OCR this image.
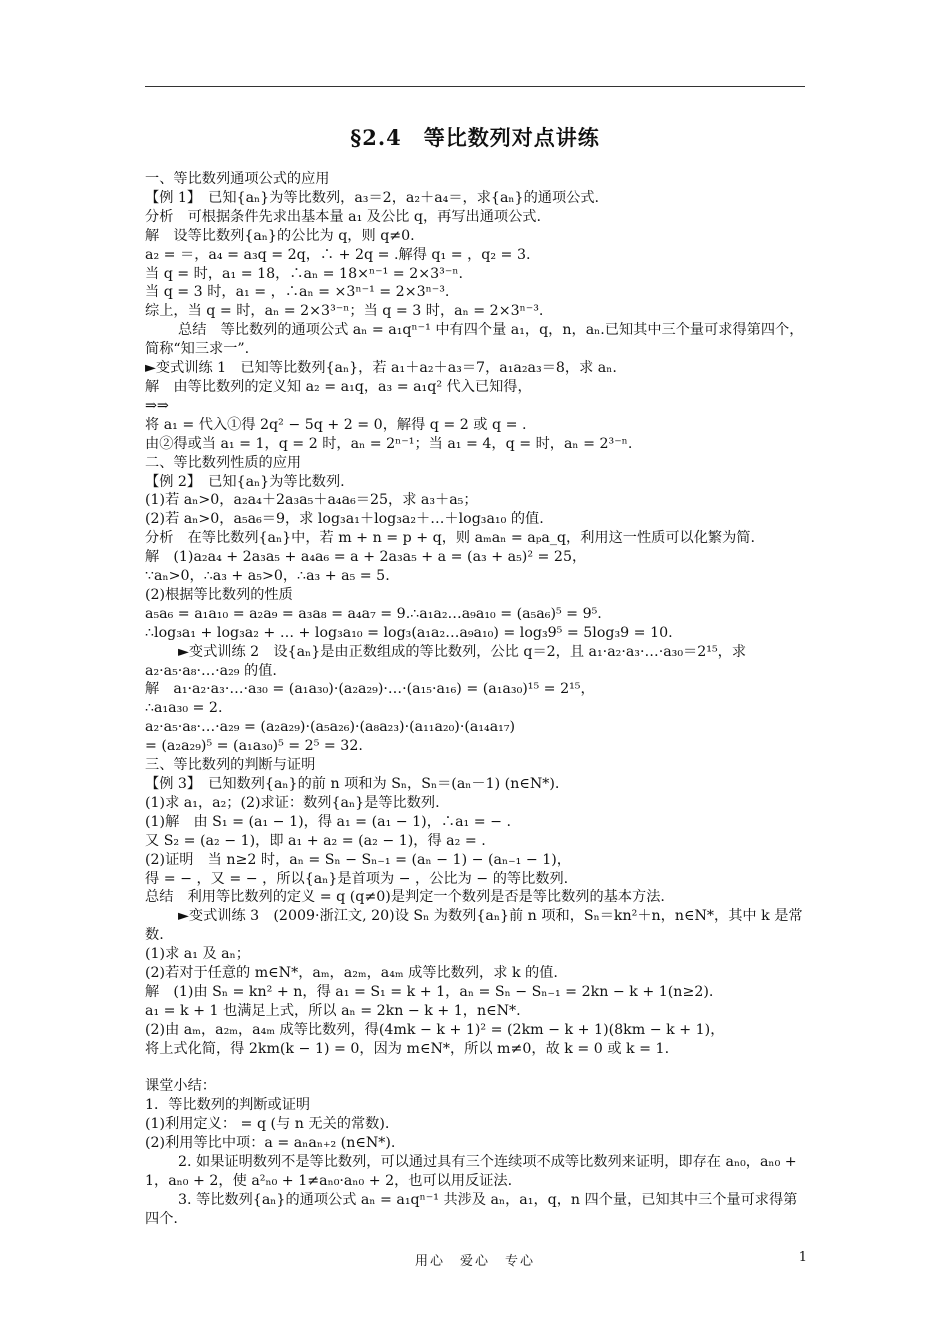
§2.4　等比数列对点讲练
一、等比数列通项公式的应用
【例 1】　已知{aₙ}为等比数列，a₃＝2，a₂＋a₄＝，求{aₙ}的通项公式.
分析　可根据条件先求出基本量 a₁ 及公比 q，再写出通项公式.
解　设等比数列{aₙ}的公比为 q，则 q≠0.
a₂ = ＝，a₄ = a₃q = 2q，∴ + 2q = .解得 q₁ = ，q₂ = 3.
当 q = 时，a₁ = 18，∴aₙ = 18×ⁿ⁻¹ = 2×3³⁻ⁿ.
当 q = 3 时，a₁ = ，∴aₙ = ×3ⁿ⁻¹ = 2×3ⁿ⁻³.
综上，当 q = 时，aₙ = 2×3³⁻ⁿ；当 q = 3 时，aₙ = 2×3ⁿ⁻³.
总结　等比数列的通项公式 aₙ = a₁qⁿ⁻¹ 中有四个量 a₁，q，n，aₙ.已知其中三个量可求得第四个，简称“知三求一”.
►变式训练 1　已知等比数列{aₙ}，若 a₁＋a₂＋a₃＝7，a₁a₂a₃＝8，求 aₙ.
解　由等比数列的定义知 a₂ = a₁q，a₃ = a₁q² 代入已知得，
⇒⇒
将 a₁ = 代入①得 2q² − 5q + 2 = 0，解得 q = 2 或 q = .
由②得或当 a₁ = 1，q = 2 时，aₙ = 2ⁿ⁻¹；当 a₁ = 4，q = 时，aₙ = 2³⁻ⁿ.
二、等比数列性质的应用
【例 2】　已知{aₙ}为等比数列.
(1)若 aₙ>0，a₂a₄＋2a₃a₅＋a₄a₆＝25，求 a₃＋a₅；
(2)若 aₙ>0，a₅a₆＝9，求 log₃a₁＋log₃a₂＋…＋log₃a₁₀ 的值.
分析　在等比数列{aₙ}中，若 m + n = p + q，则 aₘaₙ = aₚa_q，利用这一性质可以化繁为简.
解　(1)a₂a₄ + 2a₃a₅ + a₄a₆ = a + 2a₃a₅ + a = (a₃ + a₅)² = 25，
∵aₙ>0，∴a₃ + a₅>0，∴a₃ + a₅ = 5.
(2)根据等比数列的性质
a₅a₆ = a₁a₁₀ = a₂a₉ = a₃a₈ = a₄a₇ = 9.∴a₁a₂…a₉a₁₀ = (a₅a₆)⁵ = 9⁵.
∴log₃a₁ + log₃a₂ + … + log₃a₁₀ = log₃(a₁a₂…a₉a₁₀) = log₃9⁵ = 5log₃9 = 10.
►变式训练 2　设{aₙ}是由正数组成的等比数列，公比 q＝2，且 a₁·a₂·a₃·…·a₃₀＝2¹⁵，求 a₂·a₅·a₈·…·a₂₉ 的值.
解　a₁·a₂·a₃·…·a₃₀ = (a₁a₃₀)·(a₂a₂₉)·…·(a₁₅·a₁₆) = (a₁a₃₀)¹⁵ = 2¹⁵，
∴a₁a₃₀ = 2.
a₂·a₅·a₈·…·a₂₉ = (a₂a₂₉)·(a₅a₂₆)·(a₈a₂₃)·(a₁₁a₂₀)·(a₁₄a₁₇)
= (a₂a₂₉)⁵ = (a₁a₃₀)⁵ = 2⁵ = 32.
三、等比数列的判断与证明
【例 3】　已知数列{aₙ}的前 n 项和为 Sₙ，Sₙ＝(aₙ－1) (n∈N*).
(1)求 a₁，a₂；(2)求证：数列{aₙ}是等比数列.
(1)解　由 S₁ = (a₁ − 1)，得 a₁ = (a₁ − 1)，∴a₁ = − .
又 S₂ = (a₂ − 1)，即 a₁ + a₂ = (a₂ − 1)，得 a₂ = .
(2)证明　当 n≥2 时，aₙ = Sₙ − Sₙ₋₁ = (aₙ − 1) − (aₙ₋₁ − 1)，
得 = − ，又 = − ，所以{aₙ}是首项为 − ，公比为 − 的等比数列.
总结　利用等比数列的定义 = q (q≠0)是判定一个数列是否是等比数列的基本方法.
►变式训练 3　(2009·浙江文, 20)设 Sₙ 为数列{aₙ}前 n 项和，Sₙ＝kn²＋n，n∈N*，其中 k 是常数.
(1)求 a₁ 及 aₙ；
(2)若对于任意的 m∈N*，aₘ，a₂ₘ，a₄ₘ 成等比数列，求 k 的值.
解　(1)由 Sₙ = kn² + n，得 a₁ = S₁ = k + 1，aₙ = Sₙ − Sₙ₋₁ = 2kn − k + 1(n≥2).
a₁ = k + 1 也满足上式，所以 aₙ = 2kn − k + 1，n∈N*.
(2)由 aₘ，a₂ₘ，a₄ₘ 成等比数列，得(4mk − k + 1)² = (2km − k + 1)(8km − k + 1)，
将上式化简，得 2km(k − 1) = 0，因为 m∈N*，所以 m≠0，故 k = 0 或 k = 1.
课堂小结：
1．等比数列的判断或证明
(1)利用定义： = q (与 n 无关的常数).
(2)利用等比中项：a = aₙaₙ₊₂ (n∈N*).
2. 如果证明数列不是等比数列，可以通过具有三个连续项不成等比数列来证明，即存在 aₙ₀，aₙ₀ + 1，aₙ₀ + 2，使 a²ₙ₀ + 1≠aₙ₀·aₙ₀ + 2，也可以用反证法.
3. 等比数列{aₙ}的通项公式 aₙ = a₁qⁿ⁻¹ 共涉及 aₙ，a₁，q，n 四个量，已知其中三个量可求得第四个.
用心　爱心　专心	1
